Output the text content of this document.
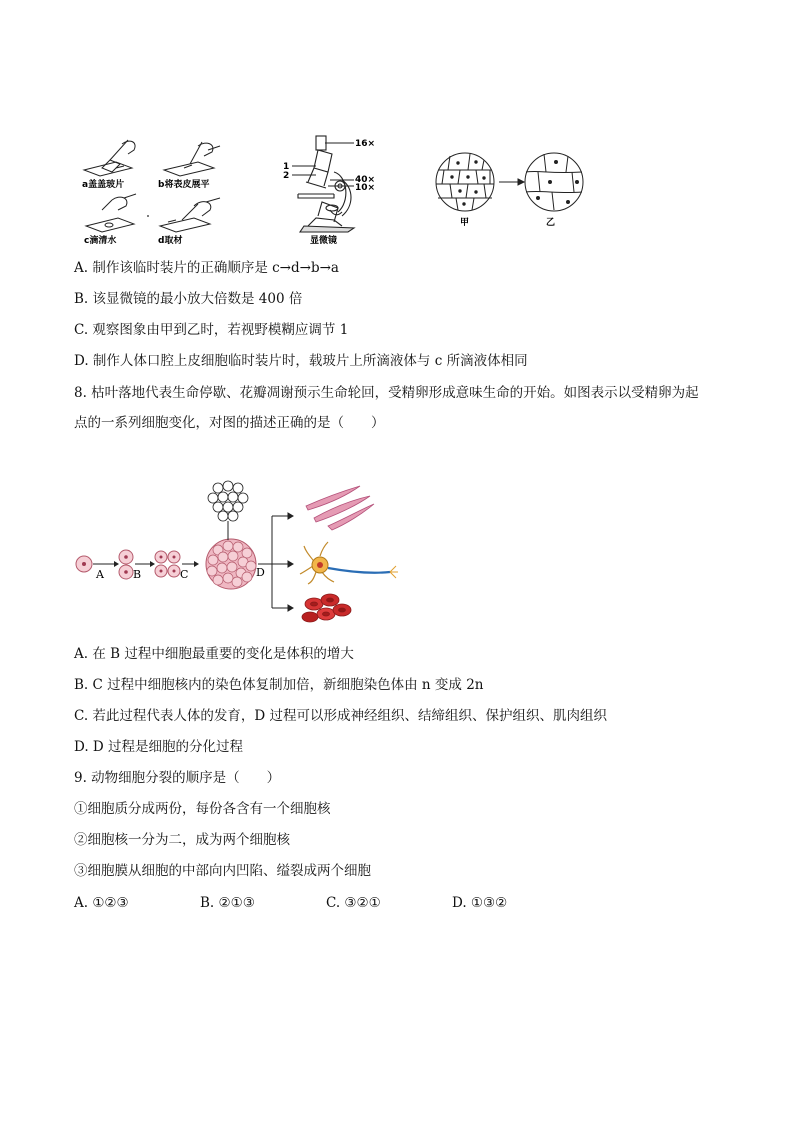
a盖盖玻片	b将表皮展平
c滴清水	d取材
16×
40×
10×
1
2
显微镜
甲	乙
A. 制作该临时装片的正确顺序是 c→d→b→a
B. 该显微镜的最小放大倍数是 400 倍
C. 观察图象由甲到乙时，若视野模糊应调节 1
D. 制作人体口腔上皮细胞临时装片时，载玻片上所滴液体与 c 所滴液体相同
8. 枯叶落地代表生命停歇、花瓣凋谢预示生命轮回，受精卵形成意味生命的开始。如图表示以受精卵为起
点的一系列细胞变化，对图的描述正确的是（　　）
A	B	C	D
A. 在 B 过程中细胞最重要的变化是体积的增大
B. C 过程中细胞核内的染色体复制加倍，新细胞染色体由 n 变成 2n
C. 若此过程代表人体的发育，D 过程可以形成神经组织、结缔组织、保护组织、肌肉组织
D. D 过程是细胞的分化过程
9. 动物细胞分裂的顺序是（　　）
①细胞质分成两份，每份各含有一个细胞核
②细胞核一分为二，成为两个细胞核
③细胞膜从细胞的中部向内凹陷、缢裂成两个细胞
A. ①②③	B. ②①③	C. ③②①	D. ①③②
